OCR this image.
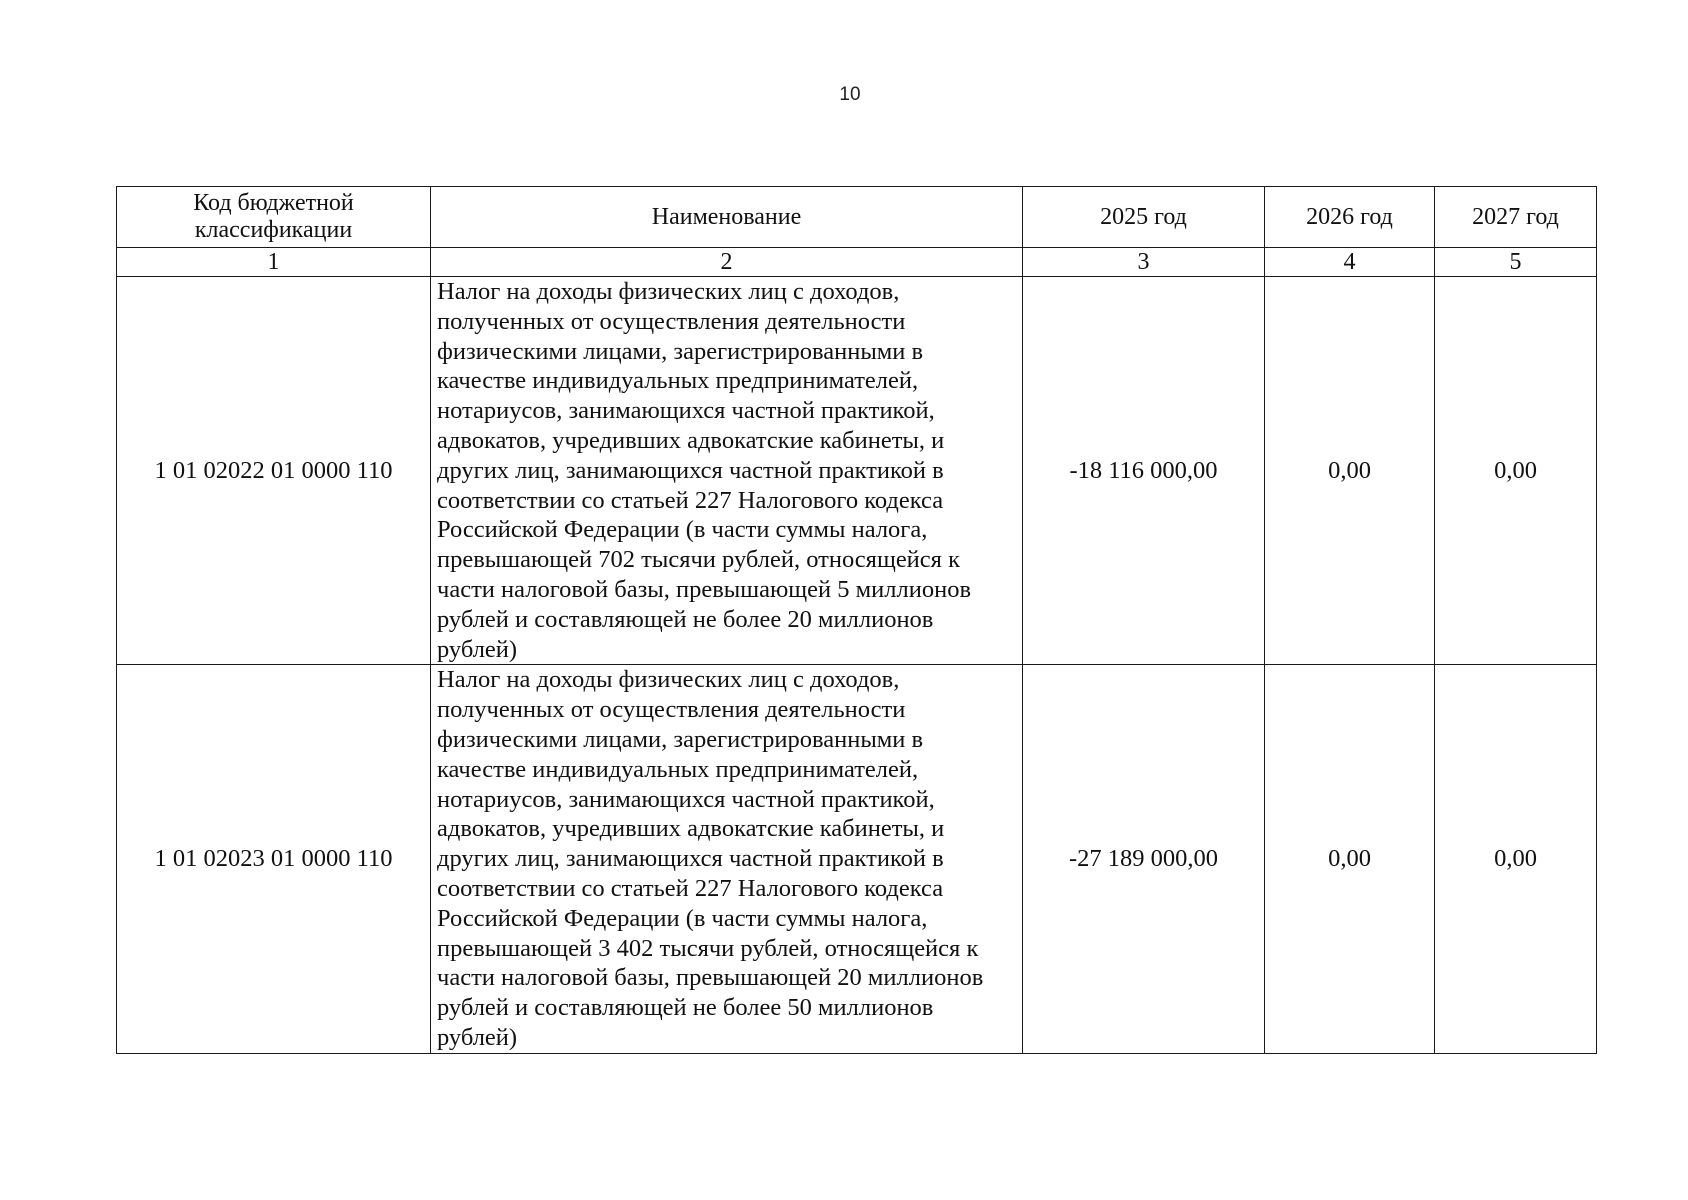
10
Код бюджетной классификации	Наименование	2025 год	2026 год	2027 год
1	2	3	4	5
1 01 02022 01 0000 110	Налог на доходы физических лиц с доходов, полученных от осуществления деятельности физическими лицами, зарегистрированными в качестве индивидуальных предпринимателей, нотариусов, занимающихся частной практикой, адвокатов, учредивших адвокатские кабинеты, и других лиц, занимающихся частной практикой в соответствии со статьей 227 Налогового кодекса Российской Федерации (в части суммы налога, превышающей 702 тысячи рублей, относящейся к части налоговой базы, превышающей 5 миллионов рублей и составляющей не более 20 миллионов рублей)	-18 116 000,00	0,00	0,00
1 01 02023 01 0000 110	Налог на доходы физических лиц с доходов, полученных от осуществления деятельности физическими лицами, зарегистрированными в качестве индивидуальных предпринимателей, нотариусов, занимающихся частной практикой, адвокатов, учредивших адвокатские кабинеты, и других лиц, занимающихся частной практикой в соответствии со статьей 227 Налогового кодекса Российской Федерации (в части суммы налога, превышающей 3 402 тысячи рублей, относящейся к части налоговой базы, превышающей 20 миллионов рублей и составляющей не более 50 миллионов рублей)	-27 189 000,00	0,00	0,00
